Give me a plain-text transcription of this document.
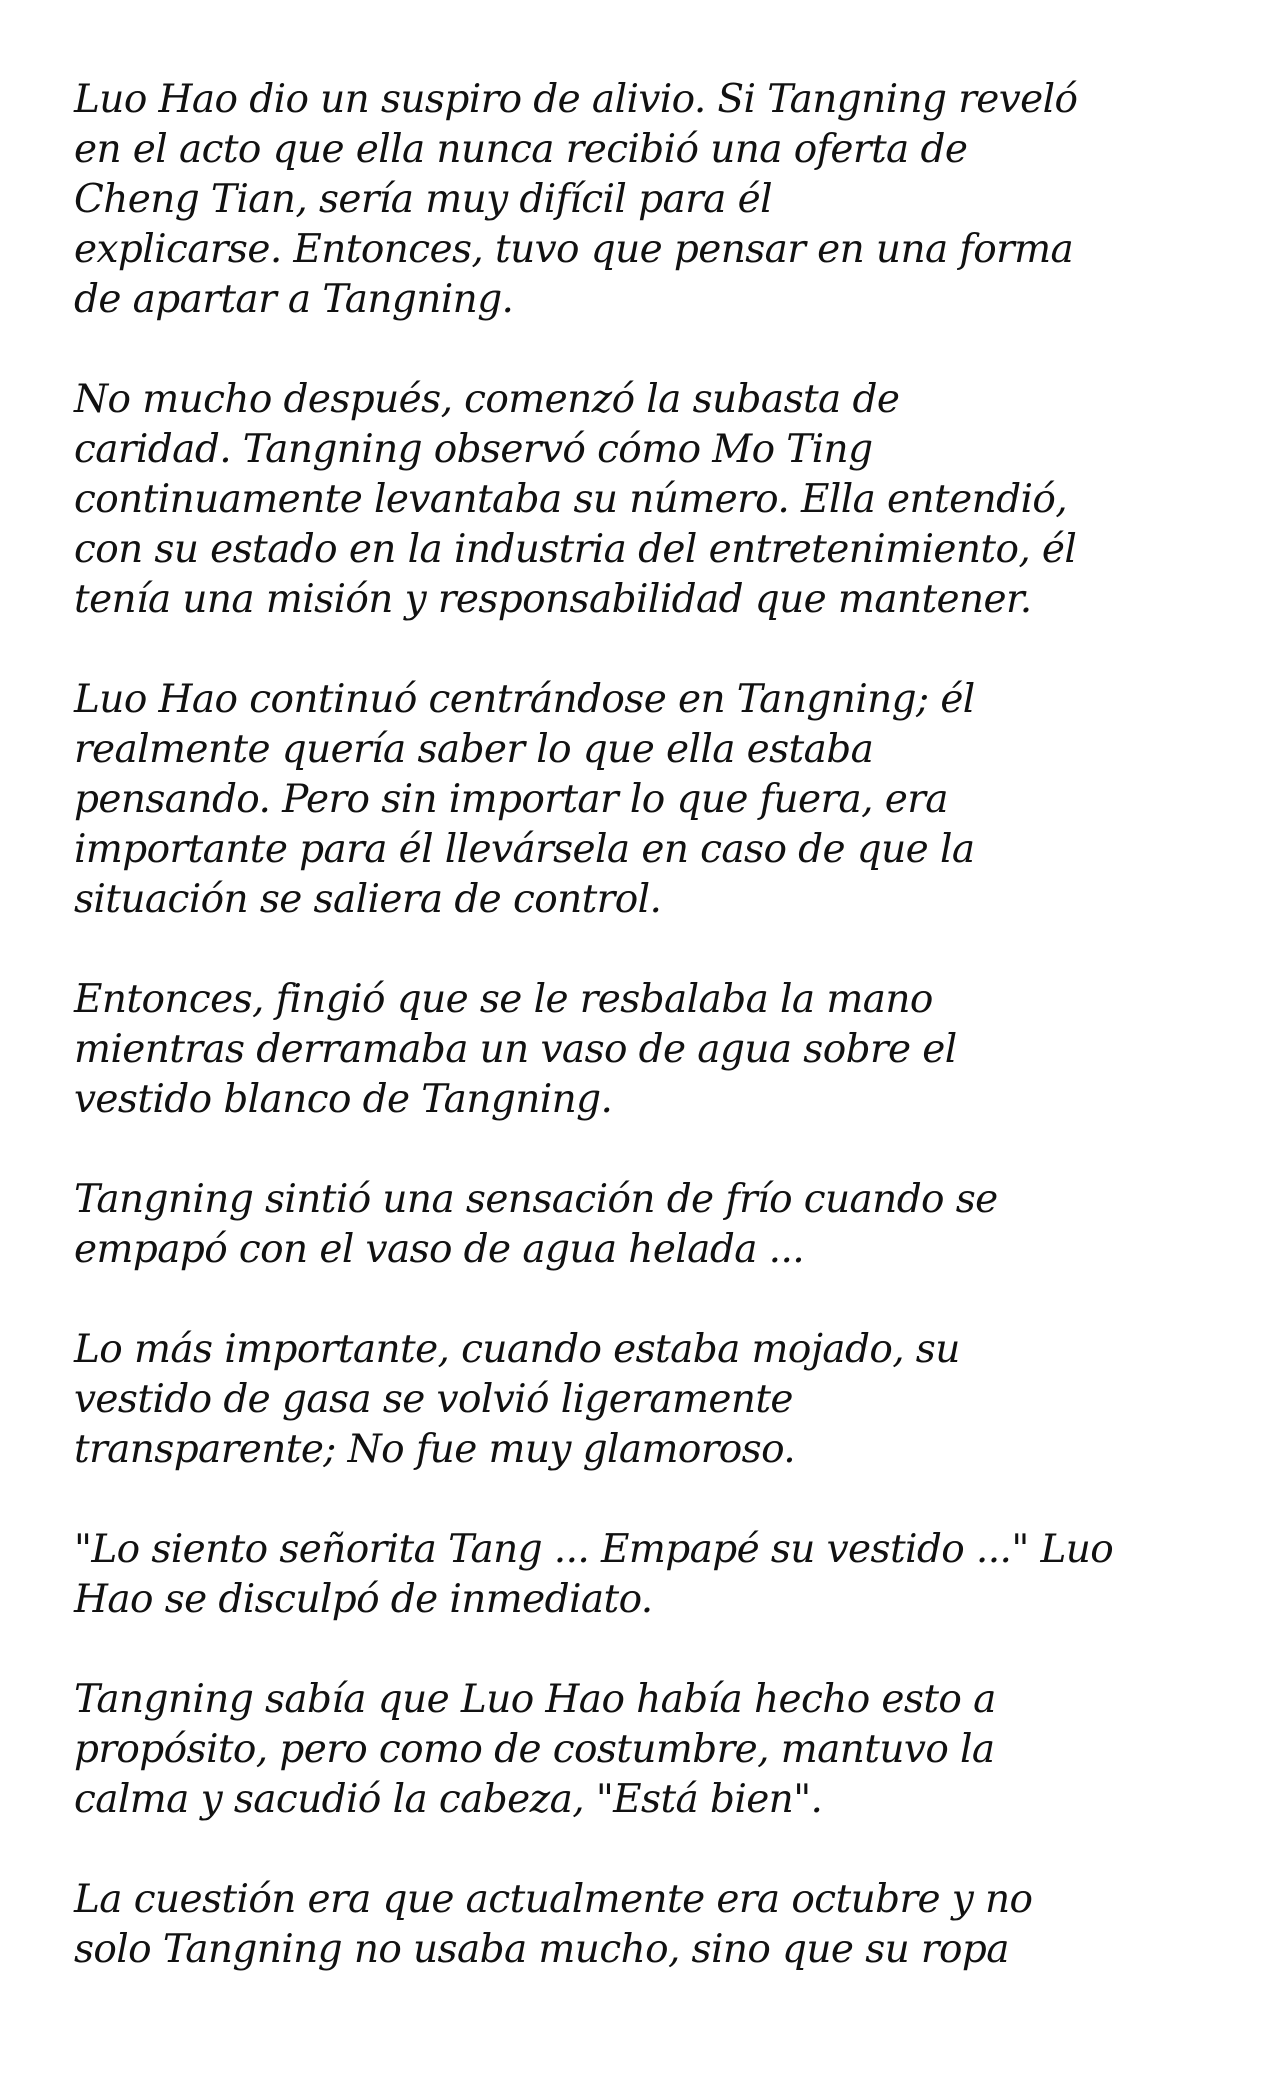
Luo Hao dio un suspiro de alivio. Si Tangning reveló
en el acto que ella nunca recibió una oferta de
Cheng Tian, sería muy difícil para él
explicarse. Entonces, tuvo que pensar en una forma
de apartar a Tangning.

No mucho después, comenzó la subasta de
caridad. Tangning observó cómo Mo Ting
continuamente levantaba su número. Ella entendió,
con su estado en la industria del entretenimiento, él
tenía una misión y responsabilidad que mantener.

Luo Hao continuó centrándose en Tangning; él
realmente quería saber lo que ella estaba
pensando. Pero sin importar lo que fuera, era
importante para él llevársela en caso de que la
situación se saliera de control.

Entonces, fingió que se le resbalaba la mano
mientras derramaba un vaso de agua sobre el
vestido blanco de Tangning.

Tangning sintió una sensación de frío cuando se
empapó con el vaso de agua helada ...

Lo más importante, cuando estaba mojado, su
vestido de gasa se volvió ligeramente
transparente; No fue muy glamoroso.

"Lo siento señorita Tang ... Empapé su vestido ..." Luo
Hao se disculpó de inmediato.

Tangning sabía que Luo Hao había hecho esto a
propósito, pero como de costumbre, mantuvo la
calma y sacudió la cabeza, "Está bien".

La cuestión era que actualmente era octubre y no
solo Tangning no usaba mucho, sino que su ropa
